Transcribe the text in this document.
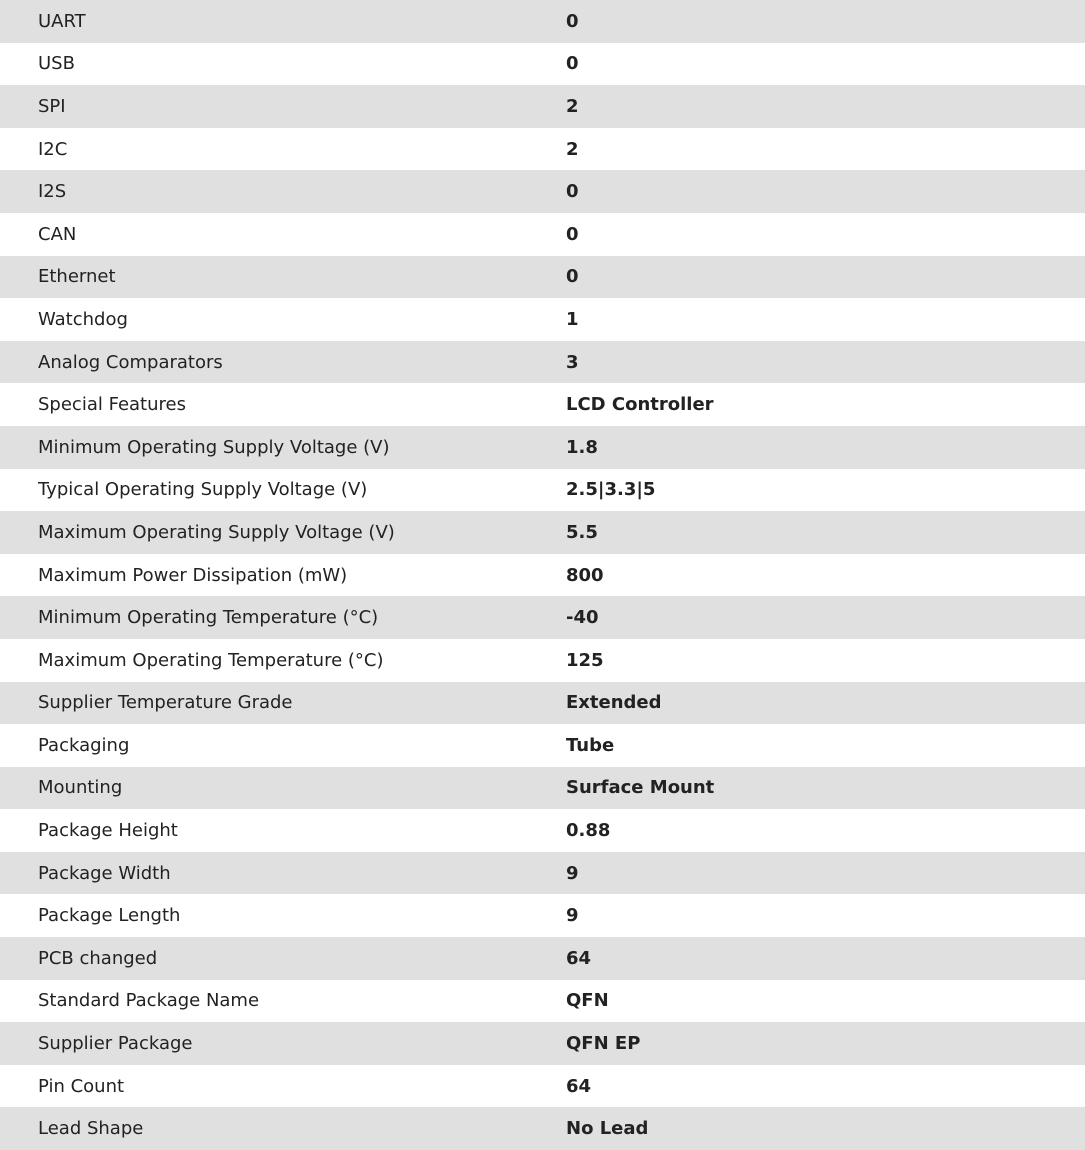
UART	0
USB	0
SPI	2
I2C	2
I2S	0
CAN	0
Ethernet	0
Watchdog	1
Analog Comparators	3
Special Features	LCD Controller
Minimum Operating Supply Voltage (V)	1.8
Typical Operating Supply Voltage (V)	2.5|3.3|5
Maximum Operating Supply Voltage (V)	5.5
Maximum Power Dissipation (mW)	800
Minimum Operating Temperature (°C)	-40
Maximum Operating Temperature (°C)	125
Supplier Temperature Grade	Extended
Packaging	Tube
Mounting	Surface Mount
Package Height	0.88
Package Width	9
Package Length	9
PCB changed	64
Standard Package Name	QFN
Supplier Package	QFN EP
Pin Count	64
Lead Shape	No Lead
